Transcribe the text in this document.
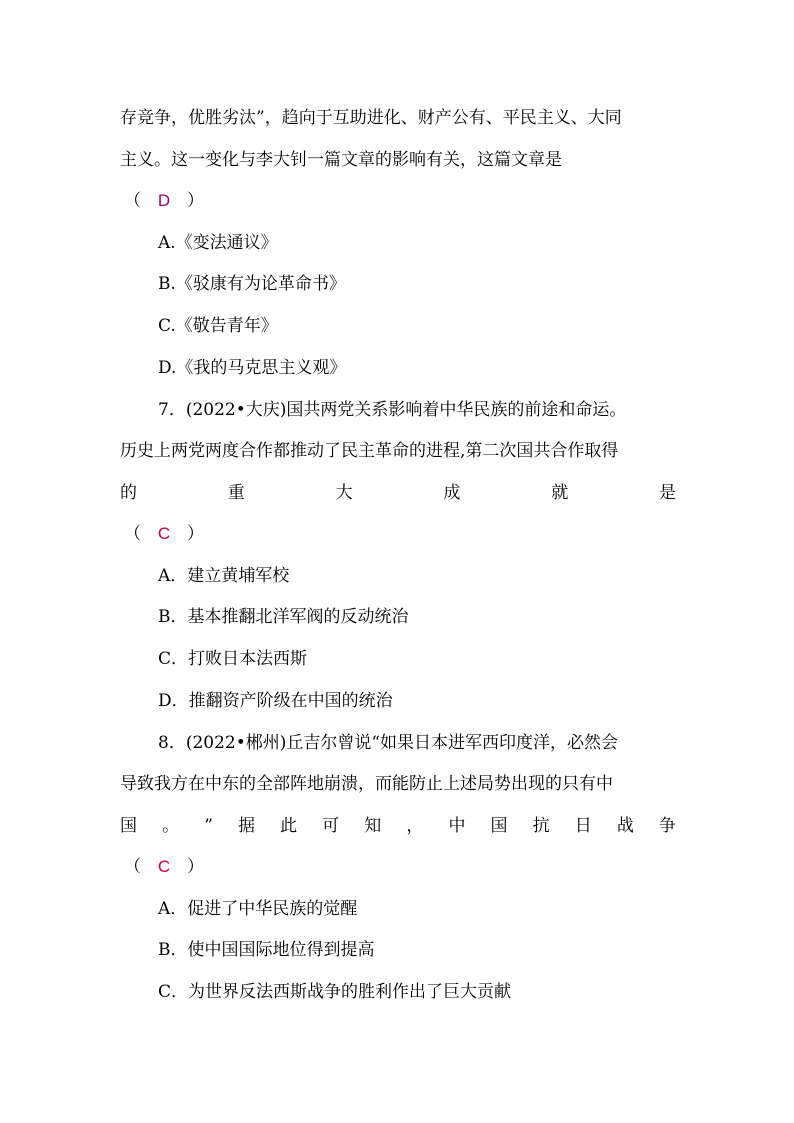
存竞争，优胜劣汰”，趋向于互助进化、财产公有、平民主义、大同
主义。这一变化与李大钊一篇文章的影响有关，这篇文章是
（ D ）
A.《变法通议》
B.《驳康有为论革命书》
C.《敬告青年》
D.《我的马克思主义观》
7．(2022•大庆)国共两党关系影响着中华民族的前途和命运。
历史上两党两度合作都推动了民主革命的进程,第二次国共合作取得
的	重	大	成	就	是
（ C ）
A．建立黄埔军校
B．基本推翻北洋军阀的反动统治
C．打败日本法西斯
D．推翻资产阶级在中国的统治
8．(2022•郴州)丘吉尔曾说“如果日本进军西印度洋，必然会
导致我方在中东的全部阵地崩溃，而能防止上述局势出现的只有中
国 。 ” 据 此 可 知 ， 中 国 抗 日 战 争
（ C ）
A．促进了中华民族的觉醒
B．使中国国际地位得到提高
C．为世界反法西斯战争的胜利作出了巨大贡献
